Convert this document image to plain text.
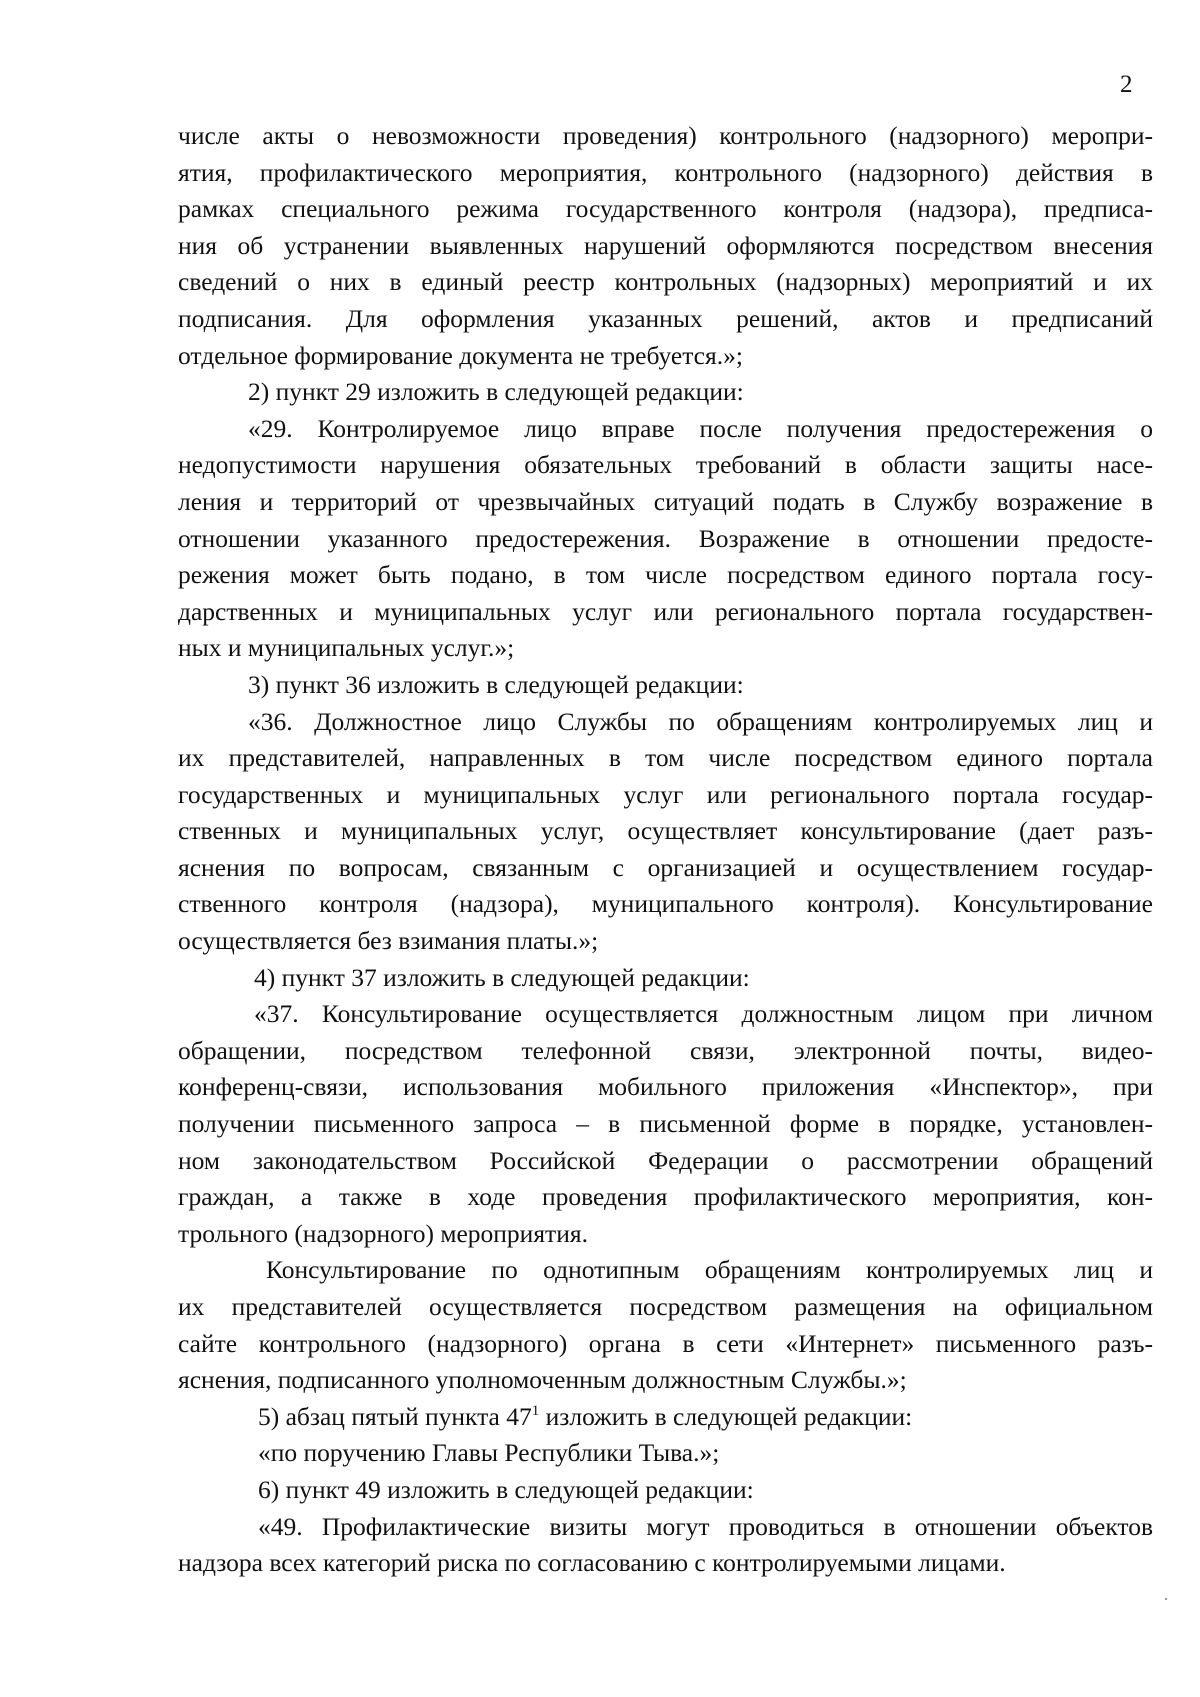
2
числе акты о невозможности проведения) контрольного (надзорного) меропри-
ятия, профилактического мероприятия, контрольного (надзорного) действия в
рамках специального режима государственного контроля (надзора), предписа-
ния об устранении выявленных нарушений оформляются посредством внесения
сведений о них в единый реестр контрольных (надзорных) мероприятий и их
подписания. Для оформления указанных решений, актов и предписаний
отдельное формирование документа не требуется.»;
2) пункт 29 изложить в следующей редакции:
«29. Контролируемое лицо вправе после получения предостережения о
недопустимости нарушения обязательных требований в области защиты насе-
ления и территорий от чрезвычайных ситуаций подать в Службу возражение в
отношении указанного предостережения. Возражение в отношении предосте-
режения может быть подано, в том числе посредством единого портала госу-
дарственных и муниципальных услуг или регионального портала государствен-
ных и муниципальных услуг.»;
3) пункт 36 изложить в следующей редакции:
«36. Должностное лицо Службы по обращениям контролируемых лиц и
их представителей, направленных в том числе посредством единого портала
государственных и муниципальных услуг или регионального портала государ-
ственных и муниципальных услуг, осуществляет консультирование (дает разъ-
яснения по вопросам, связанным с организацией и осуществлением государ-
ственного контроля (надзора), муниципального контроля). Консультирование
осуществляется без взимания платы.»;
4) пункт 37 изложить в следующей редакции:
«37. Консультирование осуществляется должностным лицом при личном
обращении, посредством телефонной связи, электронной почты, видео-
конференц-связи, использования мобильного приложения «Инспектор», при
получении письменного запроса – в письменной форме в порядке, установлен-
ном законодательством Российской Федерации о рассмотрении обращений
граждан, а также в ходе проведения профилактического мероприятия, кон-
трольного (надзорного) мероприятия.
Консультирование по однотипным обращениям контролируемых лиц и
их представителей осуществляется посредством размещения на официальном
сайте контрольного (надзорного) органа в сети «Интернет» письменного разъ-
яснения, подписанного уполномоченным должностным Службы.»;
5) абзац пятый пункта $47^1$ изложить в следующей редакции:
«по поручению Главы Республики Тыва.»;
6) пункт 49 изложить в следующей редакции:
«49. Профилактические визиты могут проводиться в отношении объектов
надзора всех категорий риска по согласованию с контролируемыми лицами.
